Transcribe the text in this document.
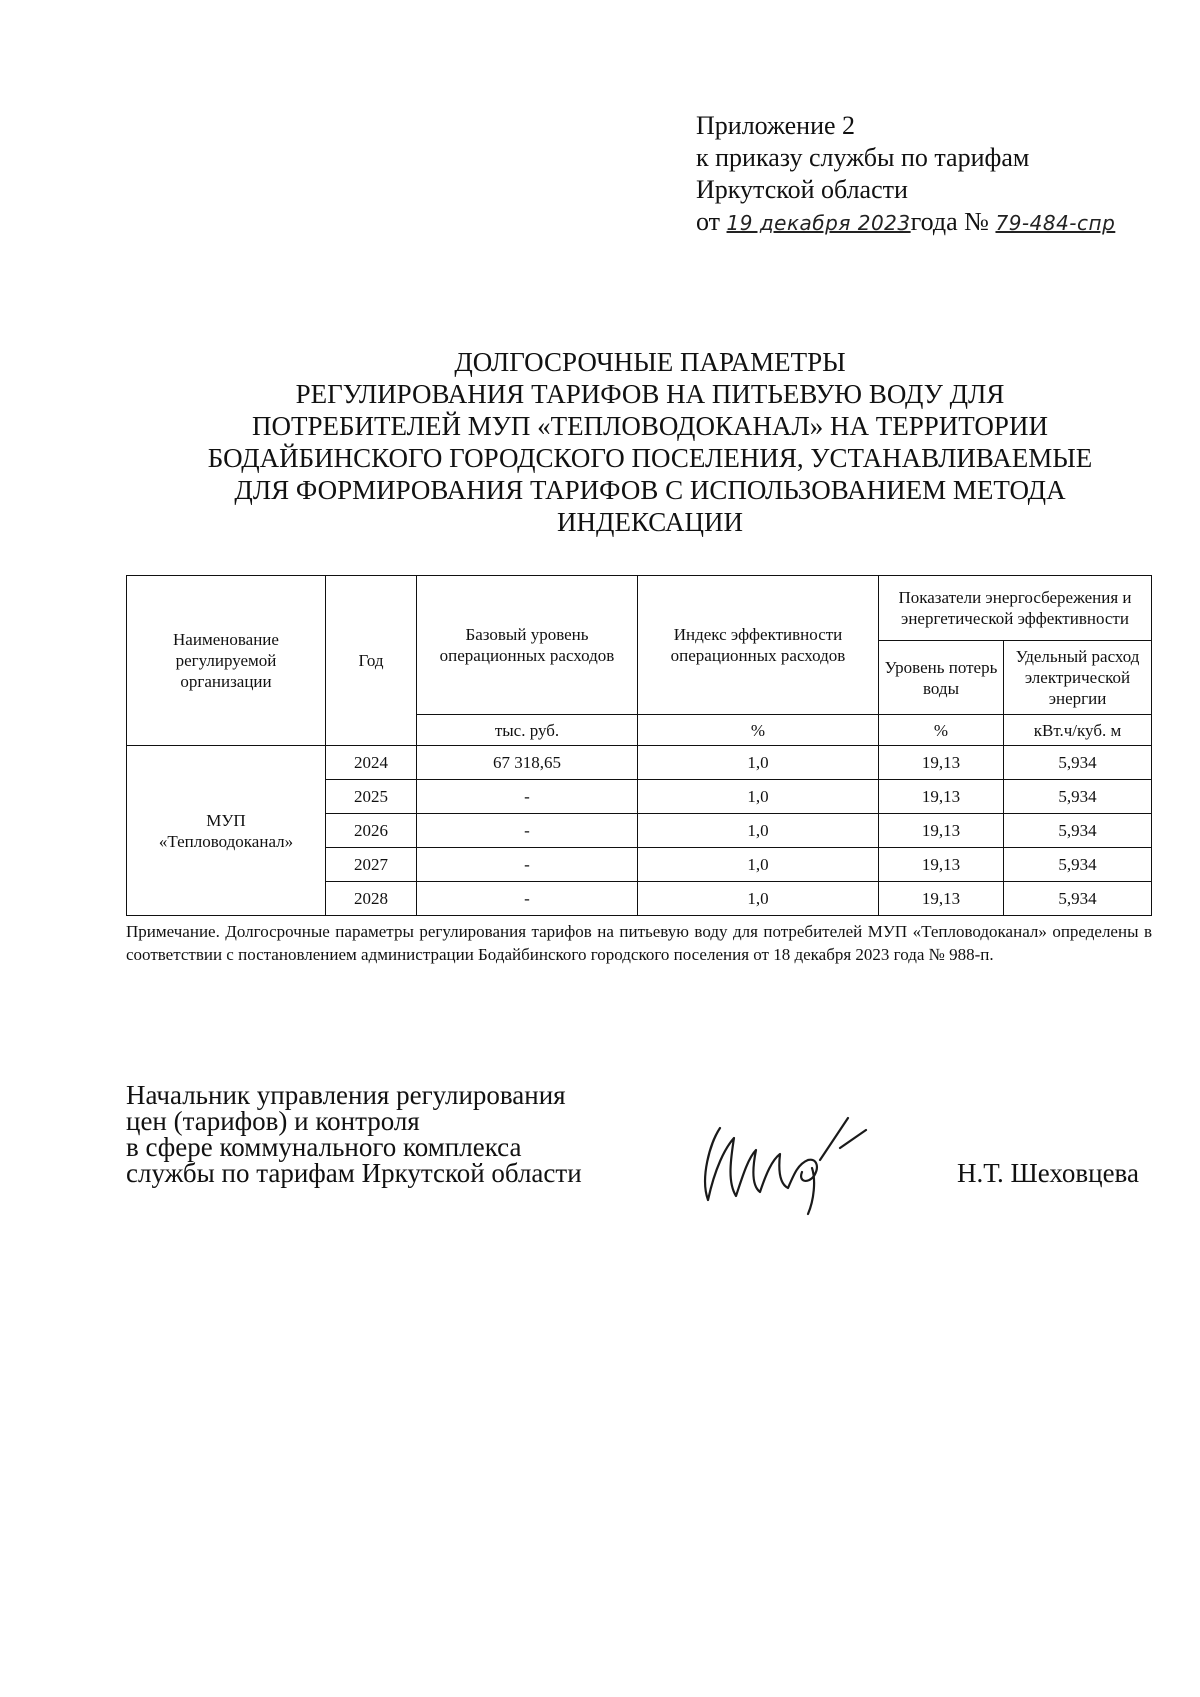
Приложение 2
к приказу службы по тарифам
Иркутской области
от 19 декабря 2023года № 79-484-спр
ДОЛГОСРОЧНЫЕ ПАРАМЕТРЫ
РЕГУЛИРОВАНИЯ ТАРИФОВ НА ПИТЬЕВУЮ ВОДУ ДЛЯ
ПОТРЕБИТЕЛЕЙ МУП «ТЕПЛОВОДОКАНАЛ» НА ТЕРРИТОРИИ
БОДАЙБИНСКОГО ГОРОДСКОГО ПОСЕЛЕНИЯ, УСТАНАВЛИВАЕМЫЕ
ДЛЯ ФОРМИРОВАНИЯ ТАРИФОВ С ИСПОЛЬЗОВАНИЕМ МЕТОДА
ИНДЕКСАЦИИ
Наименование регулируемой организации	Год	Базовый уровень операционных расходов	Индекс эффективности операционных расходов	Показатели энергосбережения и энергетической эффективности	
				Уровень потерь воды	Удельный расход электрической энергии
		тыс. руб.	%	%	кВт.ч/куб. м

МУП
«Тепловодоканал»	2024	67 318,65	1,0	19,13	5,934
	2025	-	1,0	19,13	5,934
	2026	-	1,0	19,13	5,934
	2027	-	1,0	19,13	5,934
	2028	-	1,0	19,13	5,934
Примечание. Долгосрочные параметры регулирования тарифов на питьевую воду для потребителей МУП «Тепловодоканал» определены в соответствии с постановлением администрации Бодайбинского городского поселения от 18 декабря 2023 года № 988-п.
Начальник управления регулирования
цен (тарифов) и контроля
в сфере коммунального комплекса
службы по тарифам Иркутской области	Н.Т. Шеховцева
